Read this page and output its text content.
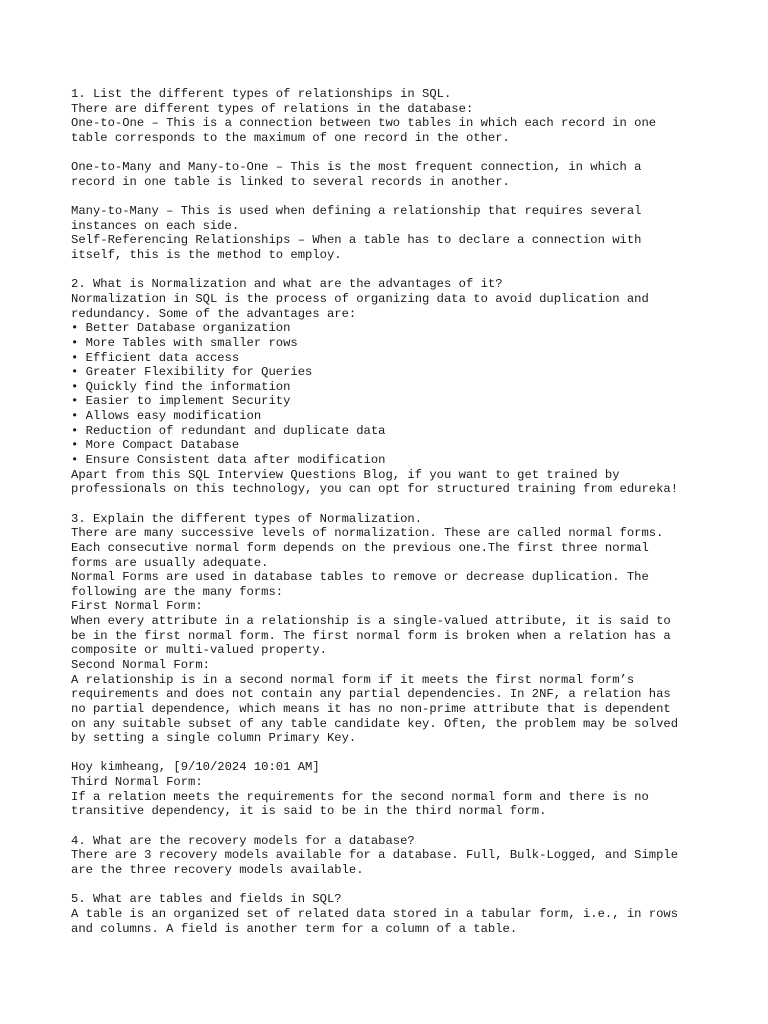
1. List the different types of relationships in SQL.
There are different types of relations in the database:
One-to-One – This is a connection between two tables in which each record in one
table corresponds to the maximum of one record in the other.
One-to-Many and Many-to-One – This is the most frequent connection, in which a
record in one table is linked to several records in another.
Many-to-Many – This is used when defining a relationship that requires several
instances on each side.
Self-Referencing Relationships – When a table has to declare a connection with
itself, this is the method to employ.
2. What is Normalization and what are the advantages of it?
Normalization in SQL is the process of organizing data to avoid duplication and
redundancy. Some of the advantages are:
• Better Database organization
• More Tables with smaller rows
• Efficient data access
• Greater Flexibility for Queries
• Quickly find the information
• Easier to implement Security
• Allows easy modification
• Reduction of redundant and duplicate data
• More Compact Database
• Ensure Consistent data after modification
Apart from this SQL Interview Questions Blog, if you want to get trained by
professionals on this technology, you can opt for structured training from edureka!
3. Explain the different types of Normalization.
There are many successive levels of normalization. These are called normal forms.
Each consecutive normal form depends on the previous one.The first three normal
forms are usually adequate.
Normal Forms are used in database tables to remove or decrease duplication. The
following are the many forms:
First Normal Form:
When every attribute in a relationship is a single-valued attribute, it is said to
be in the first normal form. The first normal form is broken when a relation has a
composite or multi-valued property.
Second Normal Form:
A relationship is in a second normal form if it meets the first normal form’s
requirements and does not contain any partial dependencies. In 2NF, a relation has
no partial dependence, which means it has no non-prime attribute that is dependent
on any suitable subset of any table candidate key. Often, the problem may be solved
by setting a single column Primary Key.
Hoy kimheang, [9/10/2024 10:01 AM]
Third Normal Form:
If a relation meets the requirements for the second normal form and there is no
transitive dependency, it is said to be in the third normal form.
4. What are the recovery models for a database?
There are 3 recovery models available for a database. Full, Bulk-Logged, and Simple
are the three recovery models available.
5. What are tables and fields in SQL?
A table is an organized set of related data stored in a tabular form, i.e., in rows
and columns. A field is another term for a column of a table.
